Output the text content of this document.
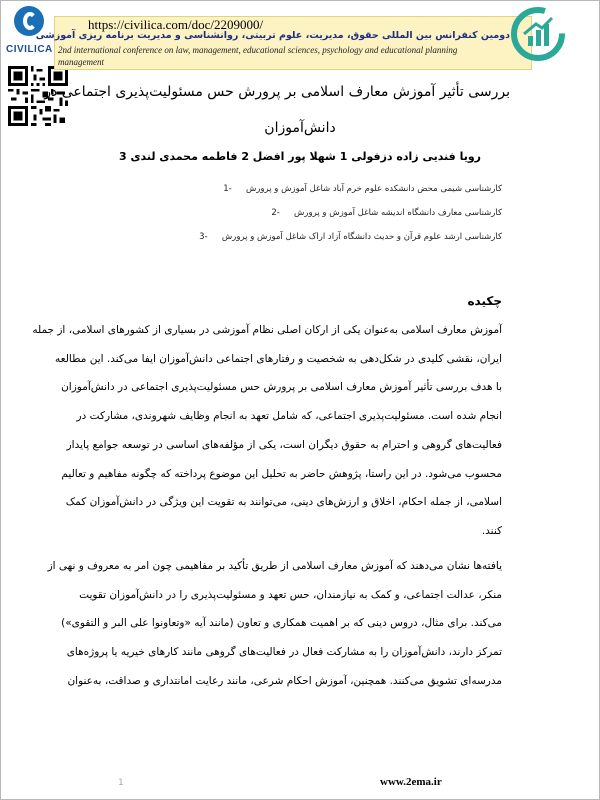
CIVILICA
https://civilica.com/doc/2209000/
دومین کنفرانس بین المللی حقوق، مدیریت، علوم تربیتی، روانشناسی و مدیریت برنامه ریزی آموزشی
2nd international conference on law, management, educational sciences, psychology and educational planning management
بررسی تأثیر آموزش معارف اسلامی بر پرورش حس مسئولیت‌پذیری اجتماعی در
دانش‌آموزان
رویا فندیی زاده دزفولی 1 شهلا پور افضل 2 فاطمه محمدی لندی 3
کارشناسی شیمی محض دانشکده علوم خرم آباد شاغل آموزش و پرورش -1
کارشناسی معارف دانشگاه اندیشه شاغل آموزش و پرورش -2
کارشناسی ارشد علوم قرآن و حدیث دانشگاه آزاد اراک شاغل آموزش و پرورش -3
چکیده
آموزش معارف اسلامی به‌عنوان یکی از ارکان اصلی نظام آموزشی در بسیاری از کشورهای اسلامی، از جمله
ایران، نقشی کلیدی در شکل‌دهی به شخصیت و رفتارهای اجتماعی دانش‌آموزان ایفا می‌کند. این مطالعه
با هدف بررسی تأثیر آموزش معارف اسلامی بر پرورش حس مسئولیت‌پذیری اجتماعی در دانش‌آموزان
انجام شده است. مسئولیت‌پذیری اجتماعی، که شامل تعهد به انجام وظایف شهروندی، مشارکت در
فعالیت‌های گروهی و احترام به حقوق دیگران است، یکی از مؤلفه‌های اساسی در توسعه جوامع پایدار
محسوب می‌شود. در این راستا، پژوهش حاضر به تحلیل این موضوع پرداخته که چگونه مفاهیم و تعالیم
اسلامی، از جمله احکام، اخلاق و ارزش‌های دینی، می‌توانند به تقویت این ویژگی در دانش‌آموزان کمک
کنند.
یافته‌ها نشان می‌دهند که آموزش معارف اسلامی از طریق تأکید بر مفاهیمی چون امر به معروف و نهی از
منکر، عدالت اجتماعی، و کمک به نیازمندان، حس تعهد و مسئولیت‌پذیری را در دانش‌آموزان تقویت
می‌کند. برای مثال، دروس دینی که بر اهمیت همکاری و تعاون (مانند آیه «وتعاونوا علی البر و التقوی»)
تمرکز دارند، دانش‌آموزان را به مشارکت فعال در فعالیت‌های گروهی مانند کارهای خیریه یا پروژه‌های
مدرسه‌ای تشویق می‌کنند. همچنین، آموزش احکام شرعی، مانند رعایت امانتداری و صداقت، به‌عنوان
1	www.2ema.ir
